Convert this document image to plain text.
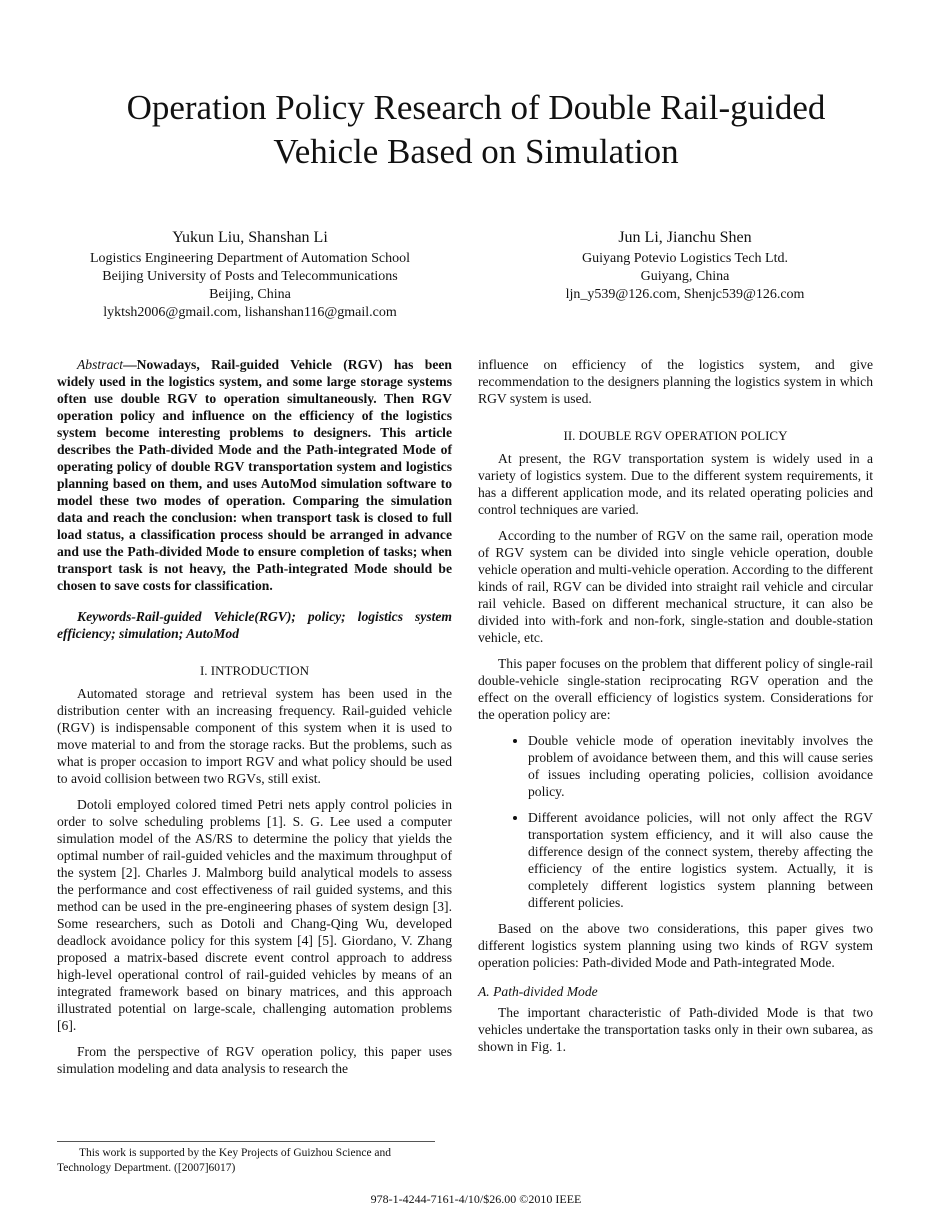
Operation Policy Research of Double Rail-guided
Vehicle Based on Simulation
Yukun Liu, Shanshan Li
Logistics Engineering Department of Automation School
Beijing University of Posts and Telecommunications
Beijing, China
lyktsh2006@gmail.com, lishanshan116@gmail.com
Jun Li, Jianchu Shen
Guiyang Potevio Logistics Tech Ltd.
Guiyang, China
ljn_y539@126.com, Shenjc539@126.com

Abstract—Nowadays, Rail-guided Vehicle (RGV) has been widely used in the logistics system, and some large storage systems often use double RGV to operation simultaneously. Then RGV operation policy and influence on the efficiency of the logistics system become interesting problems to designers. This article describes the Path-divided Mode and the Path-integrated Mode of operating policy of double RGV transportation system and logistics planning based on them, and uses AutoMod simulation software to model these two modes of operation. Comparing the simulation data and reach the conclusion: when transport task is closed to full load status, a classification process should be arranged in advance and use the Path-divided Mode to ensure completion of tasks; when transport task is not heavy, the Path-integrated Mode should be chosen to save costs for classification.

Keywords-Rail-guided Vehicle(RGV); policy; logistics system efficiency; simulation; AutoMod

I. INTRODUCTION

Automated storage and retrieval system has been used in the distribution center with an increasing frequency. Rail-guided vehicle (RGV) is indispensable component of this system when it is used to move material to and from the storage racks. But the problems, such as what is proper occasion to import RGV and what policy should be used to avoid collision between two RGVs, still exist.

Dotoli employed colored timed Petri nets apply control policies in order to solve scheduling problems [1]. S. G. Lee used a computer simulation model of the AS/RS to determine the policy that yields the optimal number of rail-guided vehicles and the maximum throughput of the system [2]. Charles J. Malmborg build analytical models to assess the performance and cost effectiveness of rail guided systems, and this method can be used in the pre-engineering phases of system design [3]. Some researchers, such as Dotoli and Chang-Qing Wu, developed deadlock avoidance policy for this system [4] [5]. Giordano, V. Zhang proposed a matrix-based discrete event control approach to address high-level operational control of rail-guided vehicles by means of an integrated framework based on binary matrices, and this approach illustrated potential on large-scale, challenging automation problems [6].

From the perspective of RGV operation policy, this paper uses simulation modeling and data analysis to research the

influence on efficiency of the logistics system, and give recommendation to the designers planning the logistics system in which RGV system is used.

II. DOUBLE RGV OPERATION POLICY

At present, the RGV transportation system is widely used in a variety of logistics system. Due to the different system requirements, it has a different application mode, and its related operating policies and control techniques are varied.

According to the number of RGV on the same rail, operation mode of RGV system can be divided into single vehicle operation, double vehicle operation and multi-vehicle operation. According to the different kinds of rail, RGV can be divided into straight rail vehicle and circular rail vehicle. Based on different mechanical structure, it can also be divided into with-fork and non-fork, single-station and double-station vehicle, etc.

This paper focuses on the problem that different policy of single-rail double-vehicle single-station reciprocating RGV operation and the effect on the overall efficiency of logistics system. Considerations for the operation policy are:

• Double vehicle mode of operation inevitably involves the problem of avoidance between them, and this will cause series of issues including operating policies, collision avoidance policy.
• Different avoidance policies, will not only affect the RGV transportation system efficiency, and it will also cause the difference design of the connect system, thereby affecting the efficiency of the entire logistics system. Actually, it is completely different logistics system planning between different policies.

Based on the above two considerations, this paper gives two different logistics system planning using two kinds of RGV system operation policies: Path-divided Mode and Path-integrated Mode.

A. Path-divided Mode

The important characteristic of Path-divided Mode is that two vehicles undertake the transportation tasks only in their own subarea, as shown in Fig. 1.

This work is supported by the Key Projects of Guizhou Science and Technology Department. ([2007]6017)
978-1-4244-7161-4/10/$26.00 ©2010 IEEE
